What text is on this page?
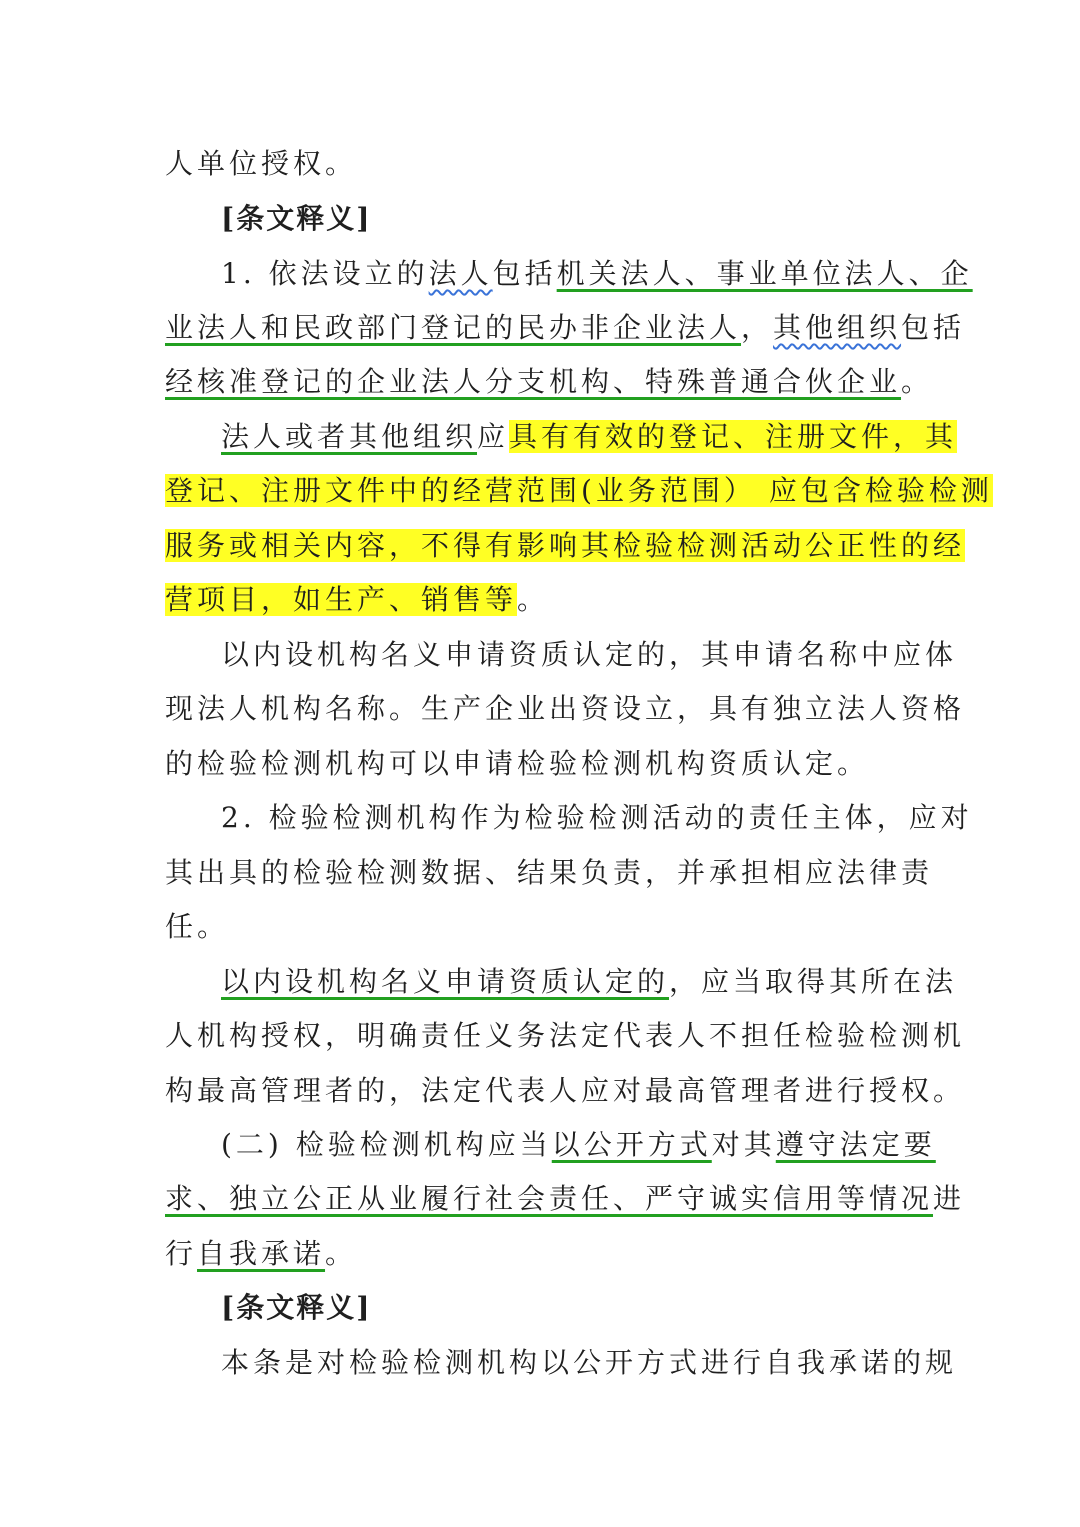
人单位授权。
[条文释义]
1. 依法设立的法人包括机关法人、事业单位法人、企
业法人和民政部门登记的民办非企业法人，其他组织包括
经核准登记的企业法人分支机构、特殊普通合伙企业。
法人或者其他组织应具有有效的登记、注册文件，其
登记、注册文件中的经营范围(业务范围） 应包含检验检测
服务或相关内容，不得有影响其检验检测活动公正性的经
营项目，如生产、销售等。
以内设机构名义申请资质认定的，其申请名称中应体
现法人机构名称。生产企业出资设立，具有独立法人资格
的检验检测机构可以申请检验检测机构资质认定。
2. 检验检测机构作为检验检测活动的责任主体，应对
其出具的检验检测数据、结果负责，并承担相应法律责
任。
以内设机构名义申请资质认定的，应当取得其所在法
人机构授权，明确责任义务法定代表人不担任检验检测机
构最高管理者的，法定代表人应对最高管理者进行授权。
(二) 检验检测机构应当以公开方式对其遵守法定要
求、独立公正从业履行社会责任、严守诚实信用等情况进
行自我承诺。
[条文释义]
本条是对检验检测机构以公开方式进行自我承诺的规
